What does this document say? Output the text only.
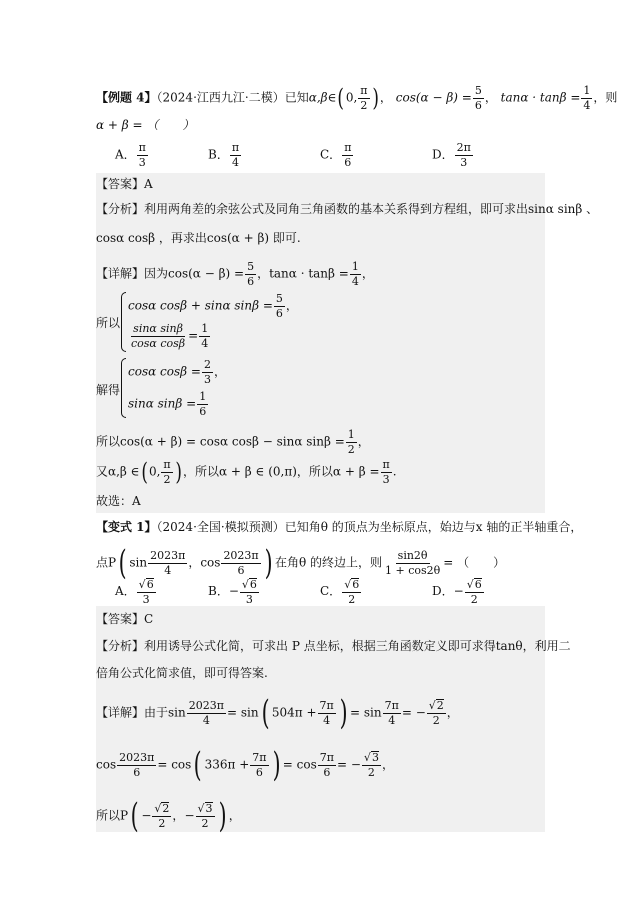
【例题 4】（2024·江西九江·二模）已知α,β∈(0, $\frac{\pi}{2}$ )， $\cos(\alpha - \beta) = \frac{5}{6}$ ， $\tan\alpha \cdot \tan\beta = \frac{1}{4}$ ，则
α + β = （　　）
A． $\frac{\pi}{3}$	B． $\frac{\pi}{4}$	C． $\frac{\pi}{6}$	D． $\frac{2\pi}{3}$
【答案】A
【分析】利用两角差的余弦公式及同角三角函数的基本关系得到方程组，即可求出sinα sinβ 、
cosα cosβ ，再求出cos(α + β) 即可.
【详解】因为$\cos(\alpha - \beta) = \frac{5}{6}$ ，$\tan\alpha \cdot \tan\beta = \frac{1}{4}$ ，
所以
cosα cosβ + sinα $\sin\beta = \frac{5}{6}$ ，
$\frac{\text{sinα sinβ}}{\text{cosα cosβ}} = \frac{1}{4}$
解得
cosα $\cos\beta = \frac{2}{3}$ ，
sinα $\sin\beta = \frac{1}{6}$
所以cos(α + β) = cosα cosβ − sinα $\sin\beta = \frac{1}{2}$ ，
又α,β ∈(0, $\frac{\pi}{2}$ )，所以α + β ∈ (0,π)，所以$\alpha + \beta = \frac{\pi}{3}$ .
故选：A
【变式 1】（2024·全国·模拟预测）已知角θ 的顶点为坐标原点，始边与x 轴的正半轴重合，
点P( $\sin \frac{2023\pi}{4}$ ，$\cos \frac{2023\pi}{6}$ ) 在角θ 的终边上，则 $\frac{\sin 2\theta}{1 + \cos 2\theta}$ = （　　）
A． $\frac{√6}{3}$	B．− $\frac{√6}{3}$	C． $\frac{√6}{2}$	D．− $\frac{√6}{2}$
【答案】C
【分析】利用诱导公式化简，可求出 P 点坐标，根据三角函数定义即可求得tanθ，利用二
倍角公式化简求值，即可得答案.
【详解】由于$\sin \frac{2023\pi}{4} = \sin$( $504\pi + \frac{7\pi}{4}$ ) = $\sin \frac{7\pi}{4}$ = − $\frac{√2}{2}$ ，
$\cos \frac{2023\pi}{6} = \cos$( $336\pi + \frac{7\pi}{6}$ ) = $\cos \frac{7\pi}{6}$ = − $\frac{√3}{2}$ ，
所以$P( - \frac{√2}{2}$ ，− $\frac{√3}{2}$ ) ，
